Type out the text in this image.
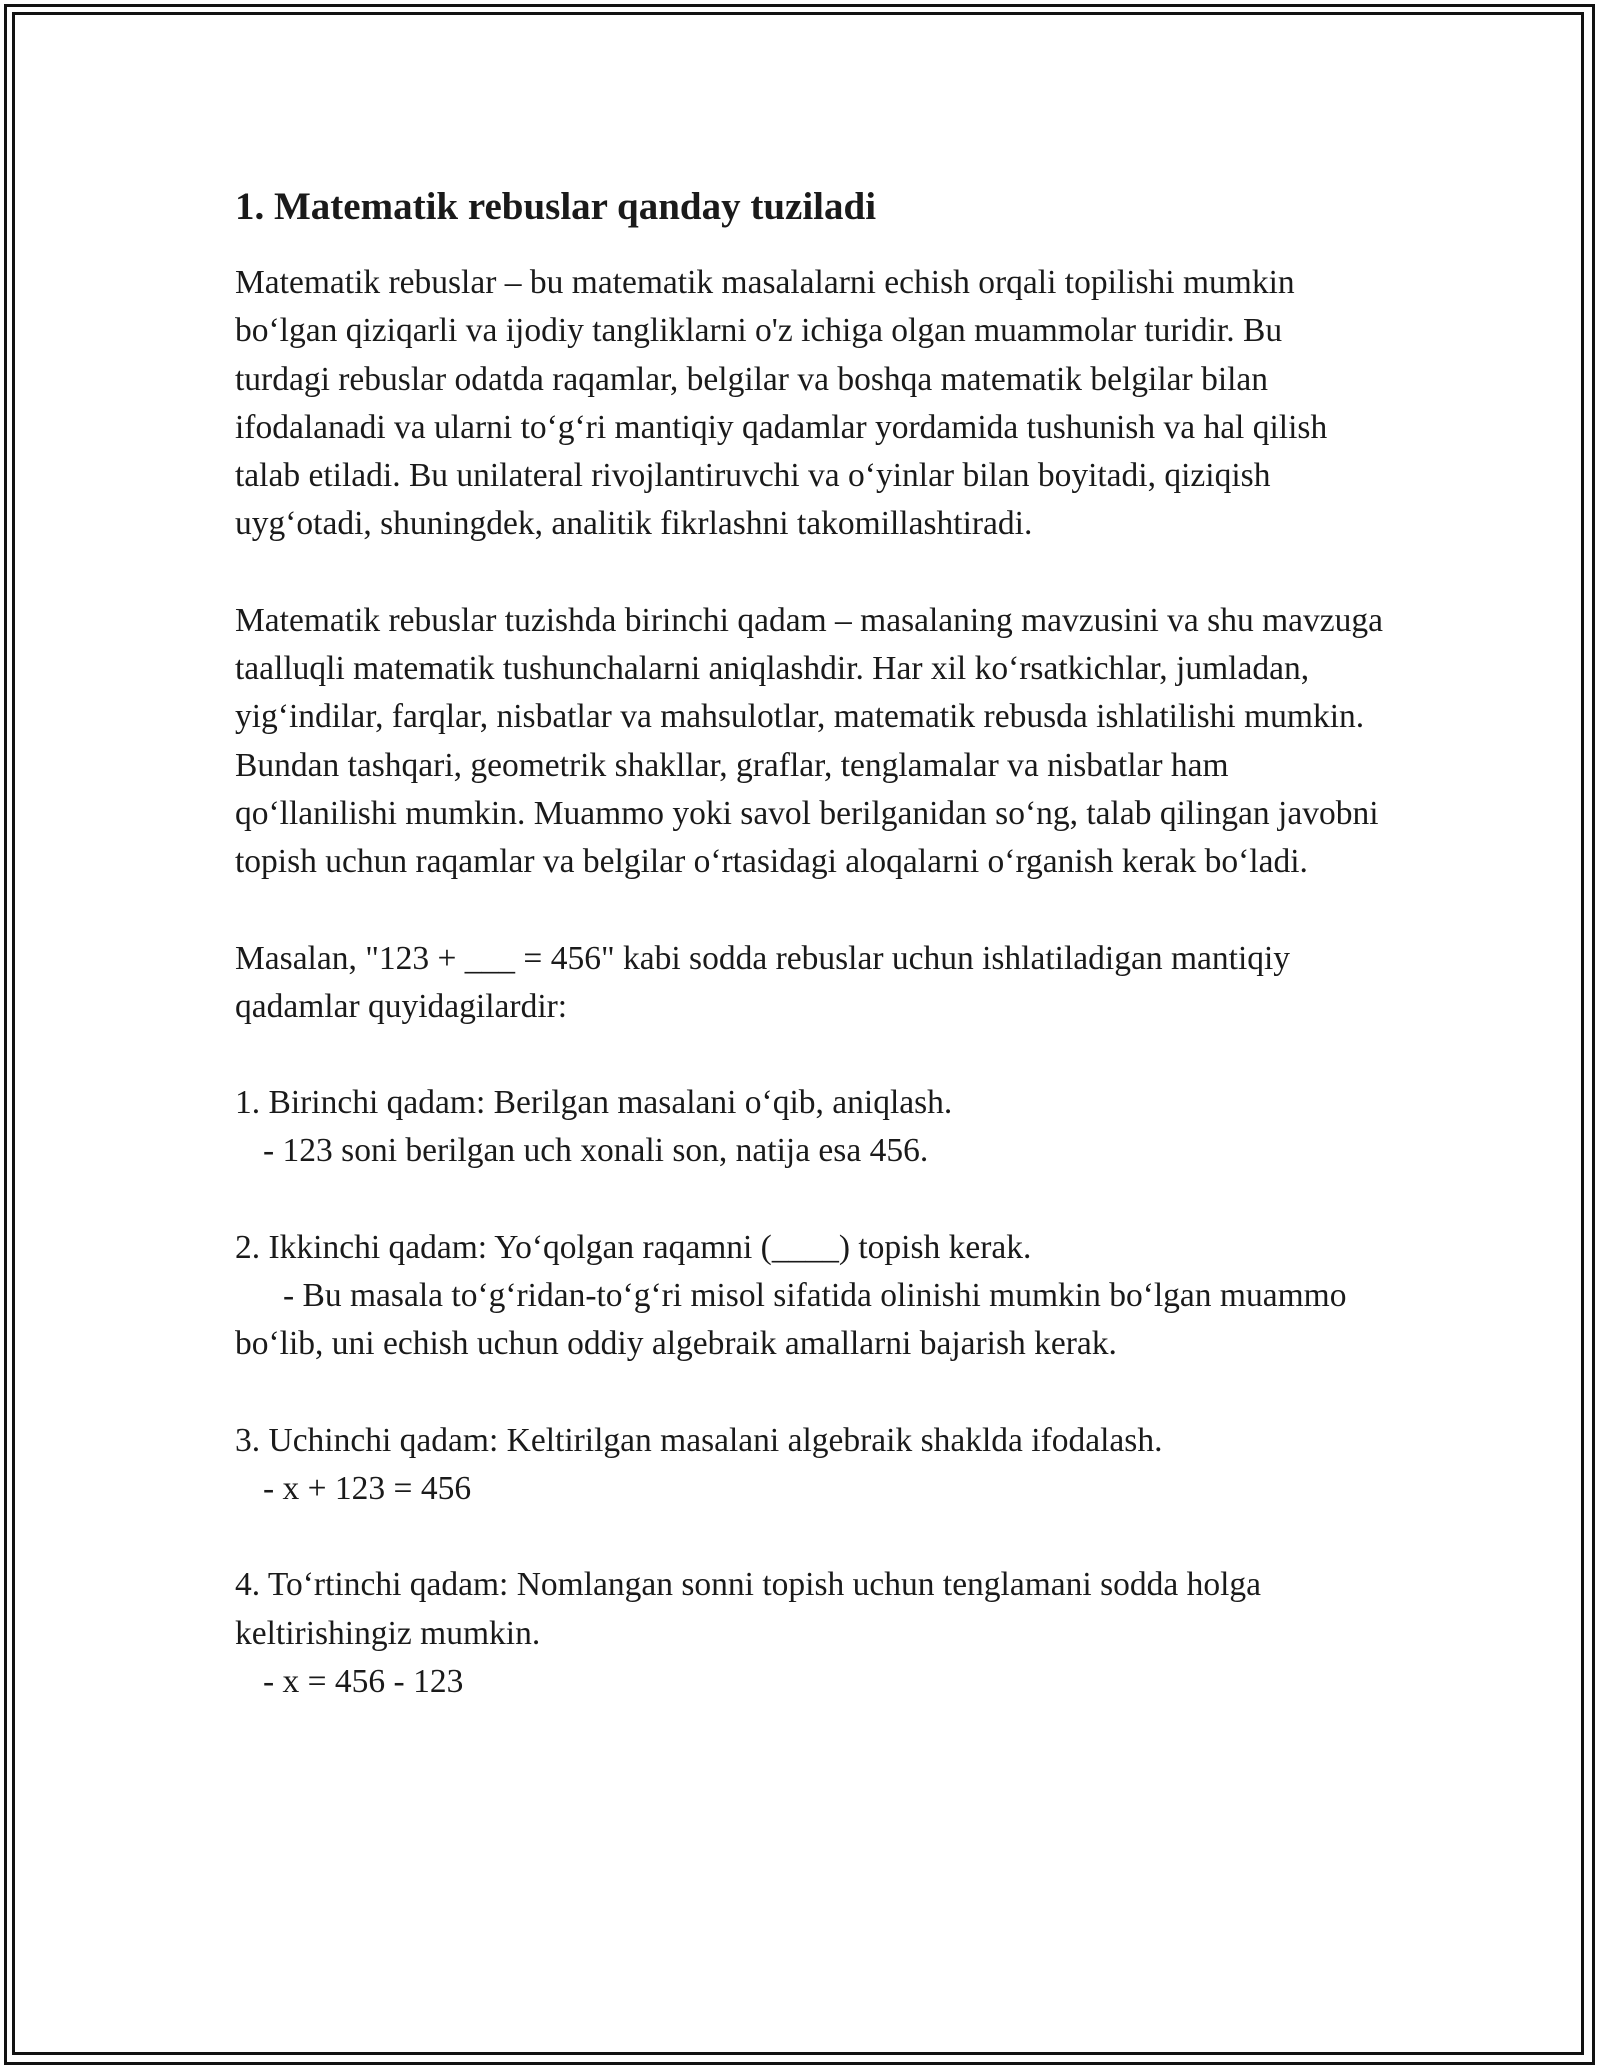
1. Matematik rebuslar qanday tuziladi

Matematik rebuslar – bu matematik masalalarni echish orqali topilishi mumkin bo‘lgan qiziqarli va ijodiy tangliklarni o'z ichiga olgan muammolar turidir. Bu turdagi rebuslar odatda raqamlar, belgilar va boshqa matematik belgilar bilan ifodalanadi va ularni to‘g‘ri mantiqiy qadamlar yordamida tushunish va hal qilish talab etiladi. Bu unilateral rivojlantiruvchi va o‘yinlar bilan boyitadi, qiziqish uyg‘otadi, shuningdek, analitik fikrlashni takomillashtiradi.

Matematik rebuslar tuzishda birinchi qadam – masalaning mavzusini va shu mavzuga taalluqli matematik tushunchalarni aniqlashdir. Har xil ko‘rsatkichlar, jumladan, yig‘indilar, farqlar, nisbatlar va mahsulotlar, matematik rebusda ishlatilishi mumkin. Bundan tashqari, geometrik shakllar, graflar, tenglamalar va nisbatlar ham qo‘llanilishi mumkin. Muammo yoki savol berilganidan so‘ng, talab qilingan javobni topish uchun raqamlar va belgilar o‘rtasidagi aloqalarni o‘rganish kerak bo‘ladi.

Masalan, "123 + ___ = 456" kabi sodda rebuslar uchun ishlatiladigan mantiqiy qadamlar quyidagilardir:

1. Birinchi qadam: Berilgan masalani o‘qib, aniqlash.
- 123 soni berilgan uch xonali son, natija esa 456.
2. Ikkinchi qadam: Yo‘qolgan raqamni (____) topish kerak.
- Bu masala to‘g‘ridan-to‘g‘ri misol sifatida olinishi mumkin bo‘lgan muammo bo‘lib, uni echish uchun oddiy algebraik amallarni bajarish kerak.
3. Uchinchi qadam: Keltirilgan masalani algebraik shaklda ifodalash.
- x + 123 = 456
4. To‘rtinchi qadam: Nomlangan sonni topish uchun tenglamani sodda holga keltirishingiz mumkin.
- x = 456 - 123
